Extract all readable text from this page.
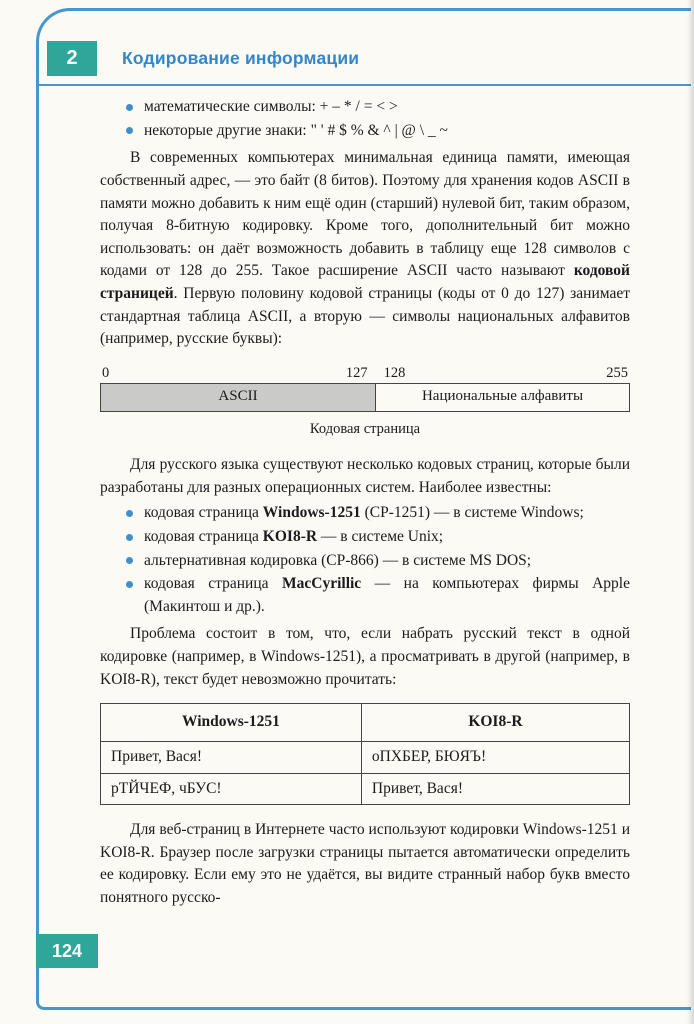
2	Кодирование информации
математические символы: + – * / = < >
некоторые другие знаки: " ' # $ % & ^ | @ \ _ ~

В современных компьютерах минимальная единица памяти, имеющая собственный адрес, — это байт (8 битов). Поэтому для хранения кодов ASCII в памяти можно добавить к ним ещё один (старший) нулевой бит, таким образом, получая 8-битную кодировку. Кроме того, дополнительный бит можно использовать: он даёт возможность добавить в таблицу еще 128 символов с кодами от 128 до 255. Такое расширение ASCII часто называют кодовой страницей. Первую половину кодовой страницы (коды от 0 до 127) занимает стандартная таблица ASCII, а вторую — символы национальных алфавитов (например, русские буквы):

0	127 128	255
ASCII	Национальные алфавиты
Кодовая страница

Для русского языка существуют несколько кодовых страниц, которые были разработаны для разных операционных систем. Наиболее известны:

кодовая страница Windows-1251 (CP-1251) — в системе Windows;
кодовая страница KOI8-R — в системе Unix;
альтернативная кодировка (CP-866) — в системе MS DOS;
кодовая страница MacCyrillic — на компьютерах фирмы Apple (Макинтош и др.).

Проблема состоит в том, что, если набрать русский текст в одной кодировке (например, в Windows-1251), а просматривать в другой (например, в KOI8-R), текст будет невозможно прочитать:

Windows-1251	KOI8-R
Привет, Вася!	оПХБЕР, БЮЯЪ!
рТЙЧЕФ, чБУС!	Привет, Вася!

Для веб-страниц в Интернете часто используют кодировки Windows-1251 и KOI8-R. Браузер после загрузки страницы пытается автоматически определить ее кодировку. Если ему это не удаётся, вы видите странный набор букв вместо понятного русско-

124
